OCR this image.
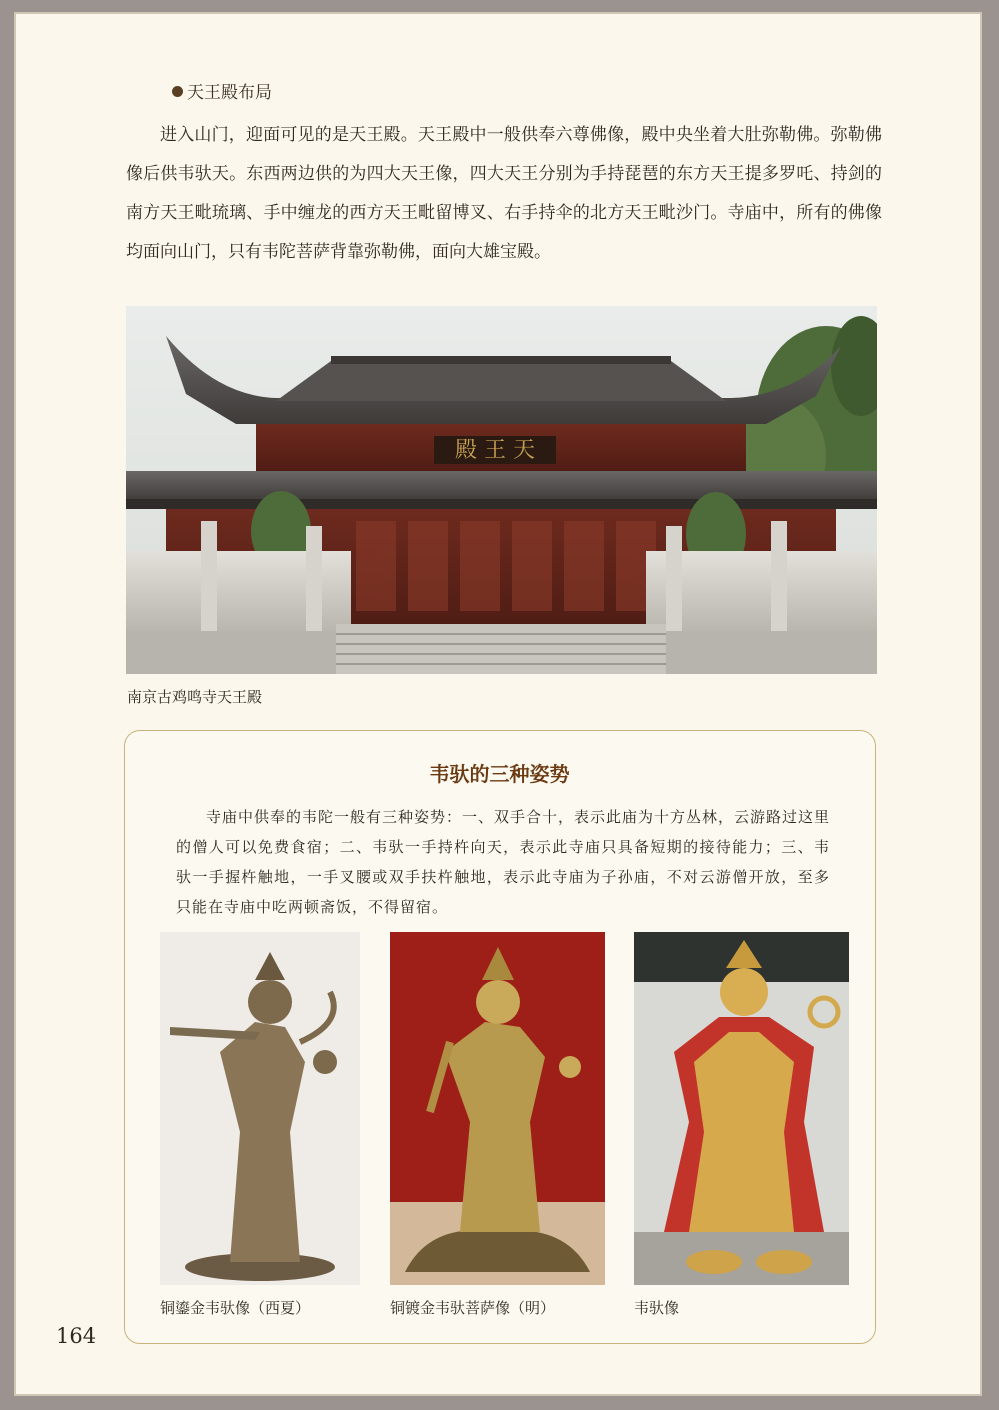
天王殿布局

进入山门，迎面可见的是天王殿。天王殿中一般供奉六尊佛像，殿中央坐着大肚弥勒佛。弥勒佛像后供韦驮天。东西两边供的为四大天王像，四大天王分别为手持琵琶的东方天王提多罗吒、持剑的南方天王毗琉璃、手中缠龙的西方天王毗留博叉、右手持伞的北方天王毗沙门。寺庙中，所有的佛像均面向山门，只有韦陀菩萨背靠弥勒佛，面向大雄宝殿。

殿 王 天
南京古鸡鸣寺天王殿
韦驮的三种姿势

寺庙中供奉的韦陀一般有三种姿势：一、双手合十，表示此庙为十方丛林，云游路过这里的僧人可以免费食宿；二、韦驮一手持杵向天，表示此寺庙只具备短期的接待能力；三、韦驮一手握杵触地，一手叉腰或双手扶杵触地，表示此寺庙为子孙庙，不对云游僧开放，至多只能在寺庙中吃两顿斋饭，不得留宿。

铜鎏金韦驮像（西夏）	铜镀金韦驮菩萨像（明）	韦驮像
164
